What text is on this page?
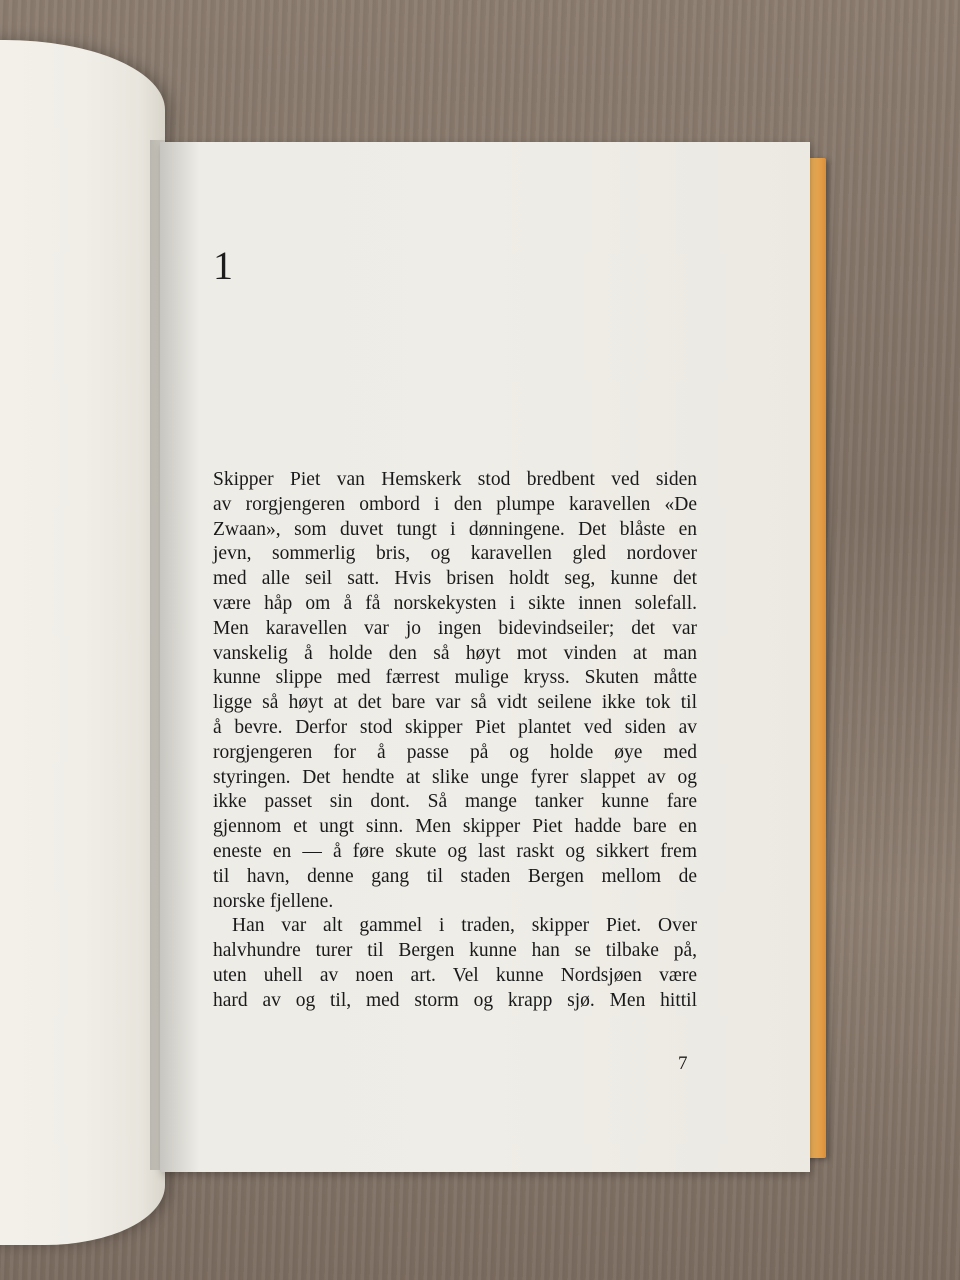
1

Skipper Piet van Hemskerk stod bredbent ved siden
av rorgjengeren ombord i den plumpe karavellen «De
Zwaan», som duvet tungt i dønningene. Det blåste en
jevn, sommerlig bris, og karavellen gled nordover
med alle seil satt. Hvis brisen holdt seg, kunne det
være håp om å få norskekysten i sikte innen solefall.
Men karavellen var jo ingen bidevindseiler; det var
vanskelig å holde den så høyt mot vinden at man
kunne slippe med færrest mulige kryss. Skuten måtte
ligge så høyt at det bare var så vidt seilene ikke tok til
å bevre. Derfor stod skipper Piet plantet ved siden av
rorgjengeren for å passe på og holde øye med
styringen. Det hendte at slike unge fyrer slappet av og
ikke passet sin dont. Så mange tanker kunne fare
gjennom et ungt sinn. Men skipper Piet hadde bare en
eneste en — å føre skute og last raskt og sikkert frem
til havn, denne gang til staden Bergen mellom de
norske fjellene.

Han var alt gammel i traden, skipper Piet. Over
halvhundre turer til Bergen kunne han se tilbake på,
uten uhell av noen art. Vel kunne Nordsjøen være
hard av og til, med storm og krapp sjø. Men hittil

7
